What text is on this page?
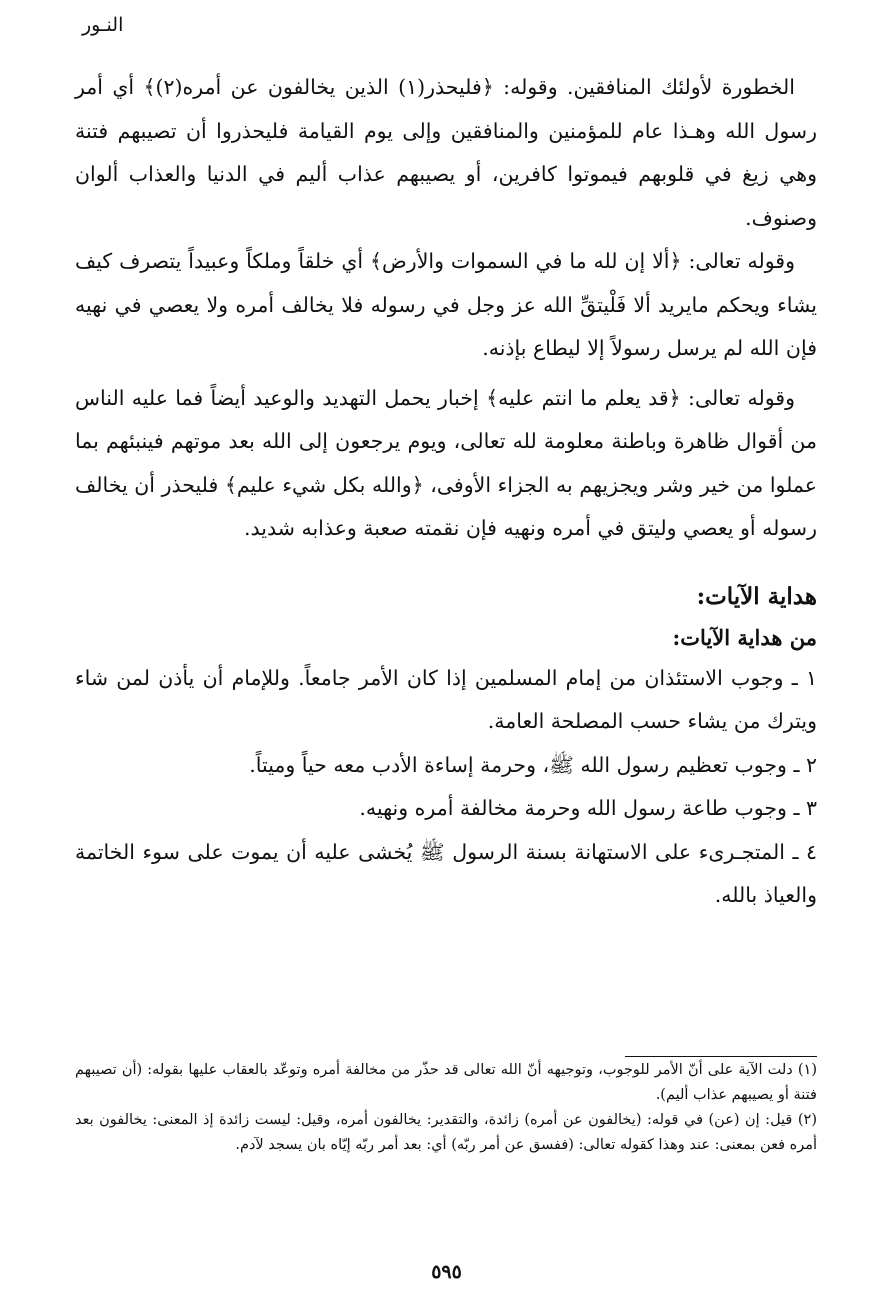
النـور

الخطورة لأولئك المنافقين. وقوله: ﴿فليحذر(١) الذين يخالفون عن أمره(٢)﴾ أي أمر رسول الله وهـذا عام للمؤمنين والمنافقين وإلى يوم القيامة فليحذروا أن تصيبهم فتنة وهي زيغ في قلوبهم فيموتوا كافرين، أو يصيبهم عذاب أليم في الدنيا والعذاب ألوان وصنوف.

وقوله تعالى: ﴿ألا إن لله ما في السموات والأرض﴾ أي خلقاً وملكاً وعبيداً يتصرف كيف يشاء ويحكم مايريد ألا فَلْيتقِّ الله عز وجل في رسوله فلا يخالف أمره ولا يعصي في نهيه فإن الله لم يرسل رسولاً إلا ليطاع بإذنه.

وقوله تعالى: ﴿قد يعلم ما انتم عليه﴾ إخبار يحمل التهديد والوعيد أيضاً فما عليه الناس من أقوال ظاهرة وباطنة معلومة لله تعالى، ويوم يرجعون إلى الله بعد موتهم فينبئهم بما عملوا من خير وشر ويجزيهم به الجزاء الأوفى، ﴿والله بكل شيء عليم﴾ فليحذر أن يخالف رسوله أو يعصي وليتق في أمره ونهيه فإن نقمته صعبة وعذابه شديد.

هداية الآيات:
من هداية الآيات:

١ ـ وجوب الاستئذان من إمام المسلمين إذا كان الأمر جامعاً. وللإمام أن يأذن لمن شاء ويترك من يشاء حسب المصلحة العامة.

٢ ـ وجوب تعظيم رسول الله ﷺ، وحرمة إساءة الأدب معه حياً وميتاً.

٣ ـ وجوب طاعة رسول الله وحرمة مخالفة أمره ونهيه.

٤ ـ المتجـرىء على الاستهانة بسنة الرسول ﷺ يُخشى عليه أن يموت على سوء الخاتمة والعياذ بالله.

(١) دلت الآية على أنّ الأمر للوجوب، وتوجيهه أنّ الله تعالى قد حذّر من مخالفة أمره وتوعّد بالعقاب عليها بقوله: (أن تصيبهم فتنة أو يصيبهم عذاب أليم).

(٢) قيل: إن (عن) في قوله: (يخالفون عن أمره) زائدة، والتقدير: يخالفون أمره، وقيل: ليست زائدة إذ المعنى: يخالفون بعد أمره فعن بمعنى: عند وهذا كقوله تعالى: (ففسق عن أمر ربّه) أي: بعد أمر ربّه إيّاه بان يسجد لآدم.

٥٩٥
